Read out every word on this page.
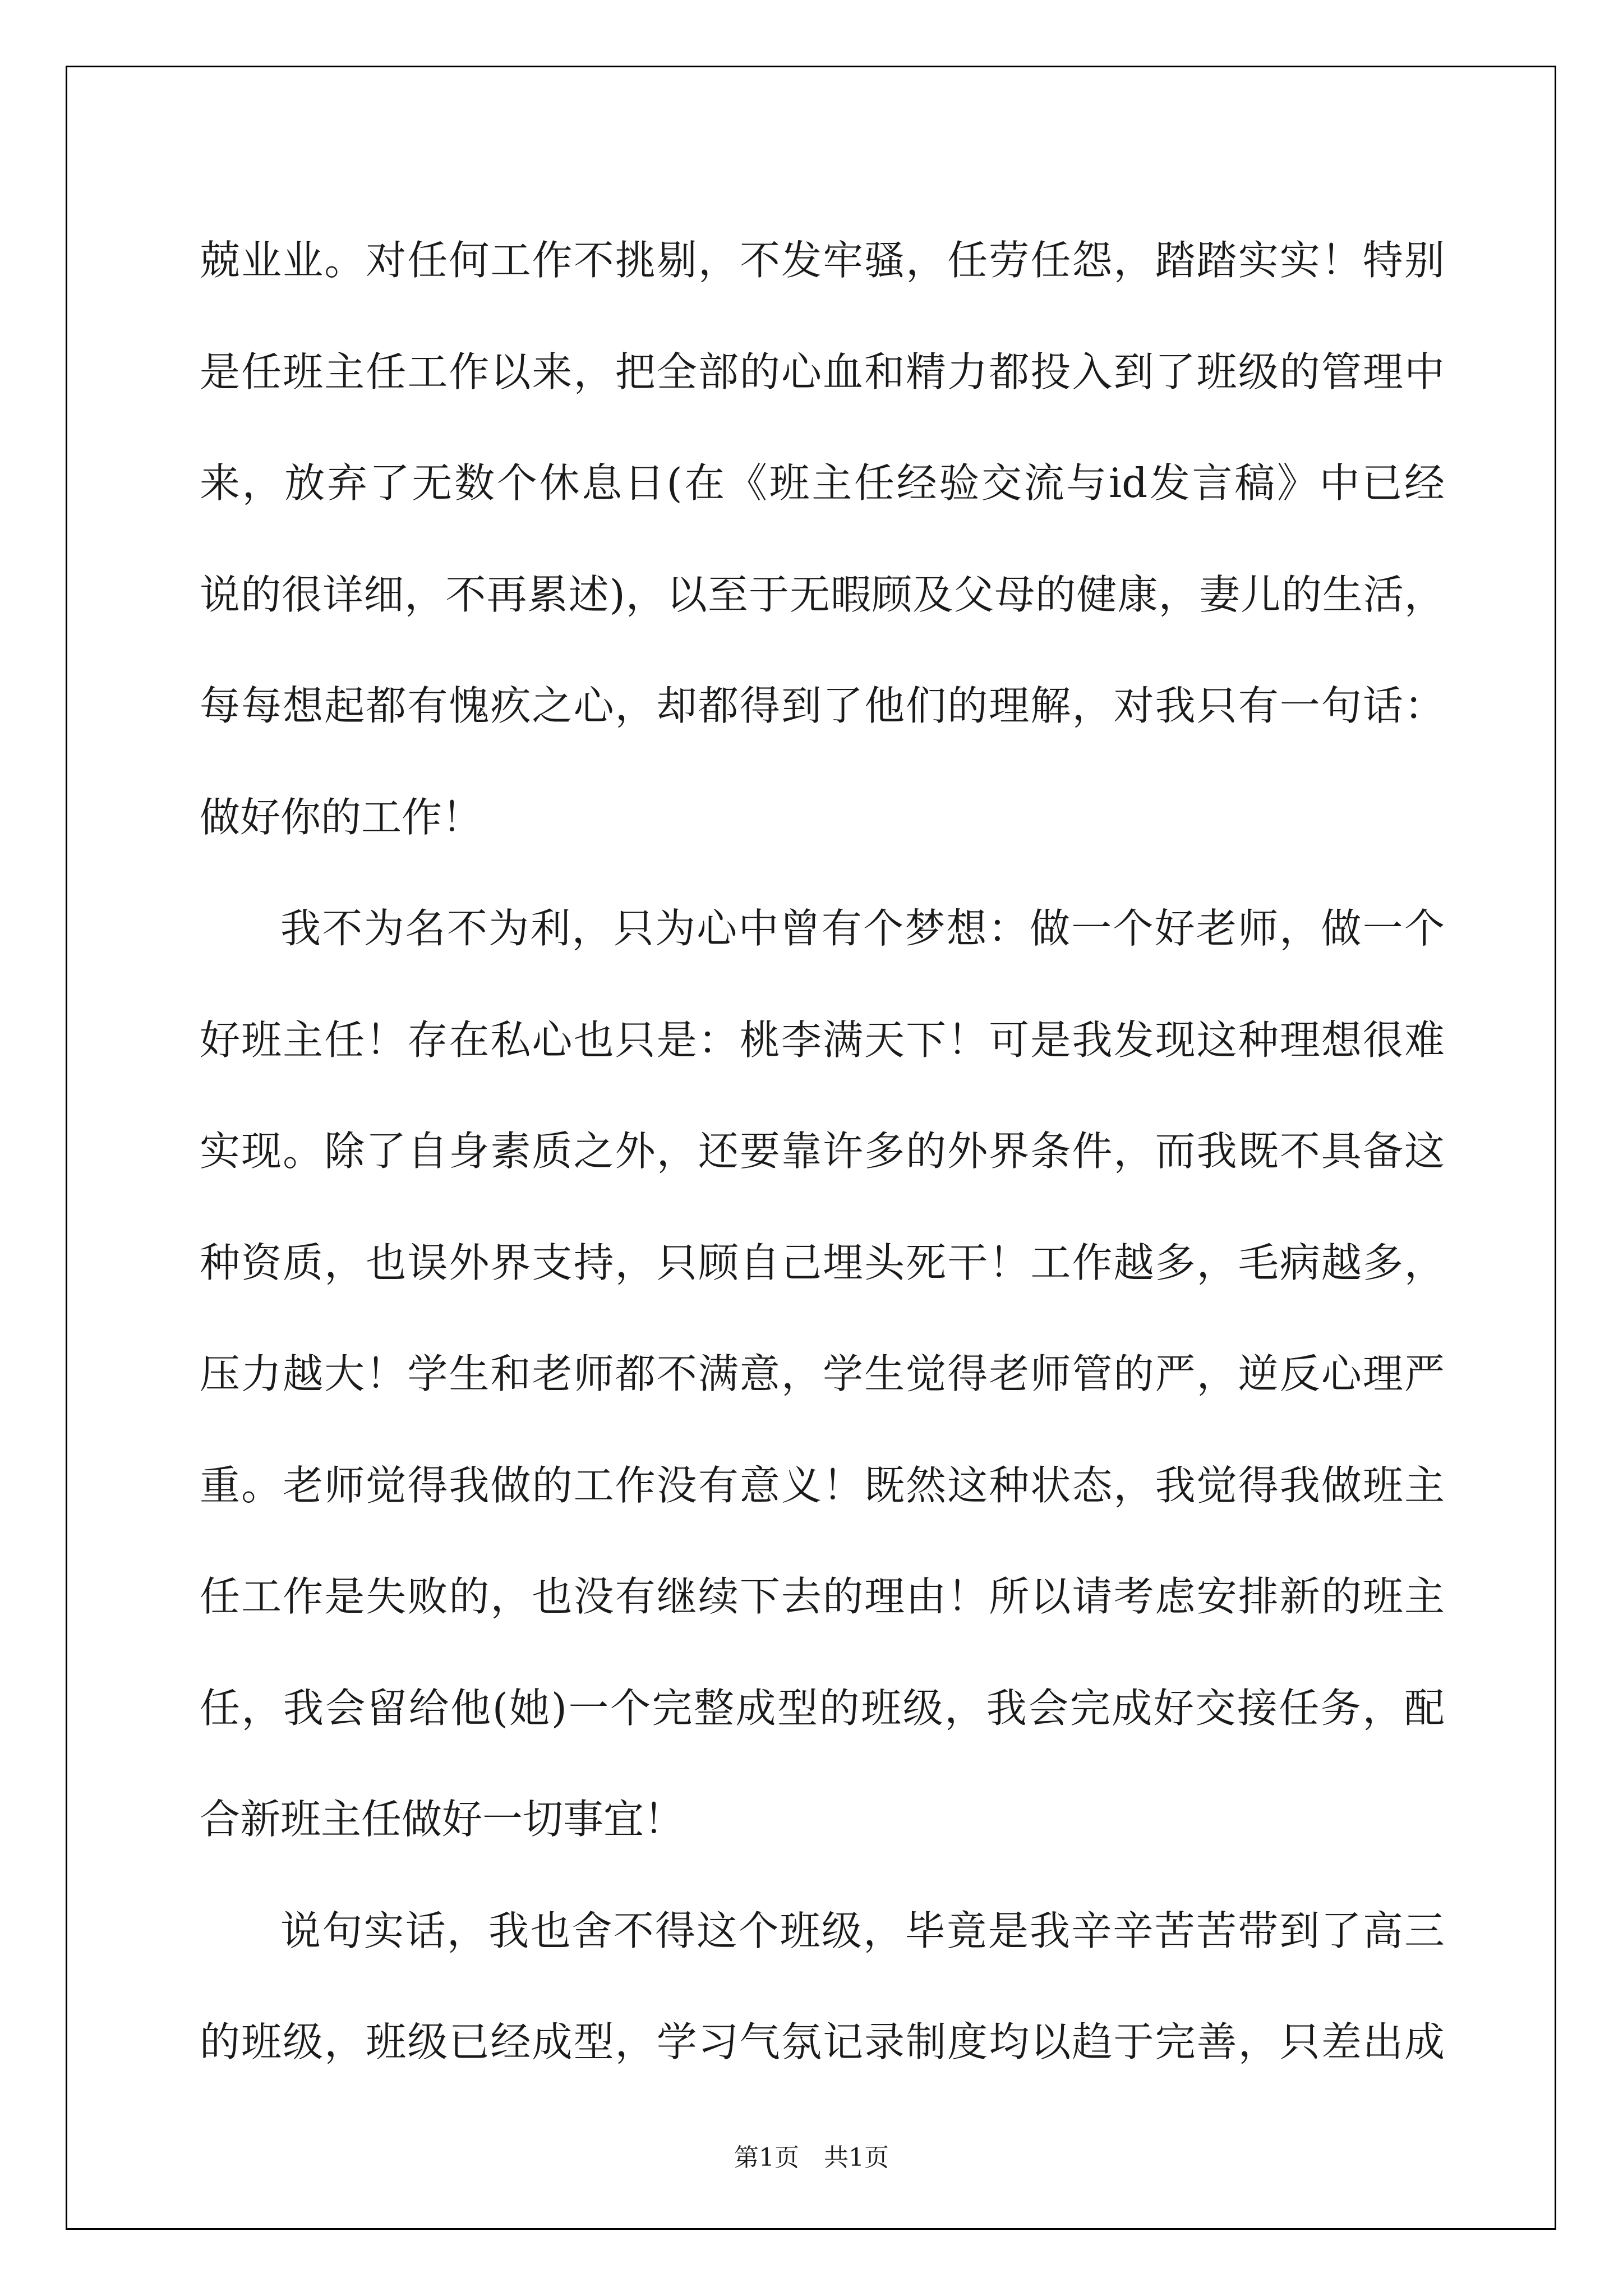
兢业业。对任何工作不挑剔，不发牢骚，任劳任怨，踏踏实实！特别

是任班主任工作以来，把全部的心血和精力都投入到了班级的管理中

来，放弃了无数个休息日(在《班主任经验交流与id发言稿》中已经

说的很详细，不再累述)，以至于无暇顾及父母的健康，妻儿的生活，

每每想起都有愧疚之心，却都得到了他们的理解，对我只有一句话：

做好你的工作！

我不为名不为利，只为心中曾有个梦想：做一个好老师，做一个

好班主任！存在私心也只是：桃李满天下！可是我发现这种理想很难

实现。除了自身素质之外，还要靠许多的外界条件，而我既不具备这

种资质，也误外界支持，只顾自己埋头死干！工作越多，毛病越多，

压力越大！学生和老师都不满意，学生觉得老师管的严，逆反心理严

重。老师觉得我做的工作没有意义！既然这种状态，我觉得我做班主

任工作是失败的，也没有继续下去的理由！所以请考虑安排新的班主

任，我会留给他(她)一个完整成型的班级，我会完成好交接任务，配

合新班主任做好一切事宜！

说句实话，我也舍不得这个班级，毕竟是我辛辛苦苦带到了高三

的班级，班级已经成型，学习气氛记录制度均以趋于完善，只差出成

第1页　共1页
